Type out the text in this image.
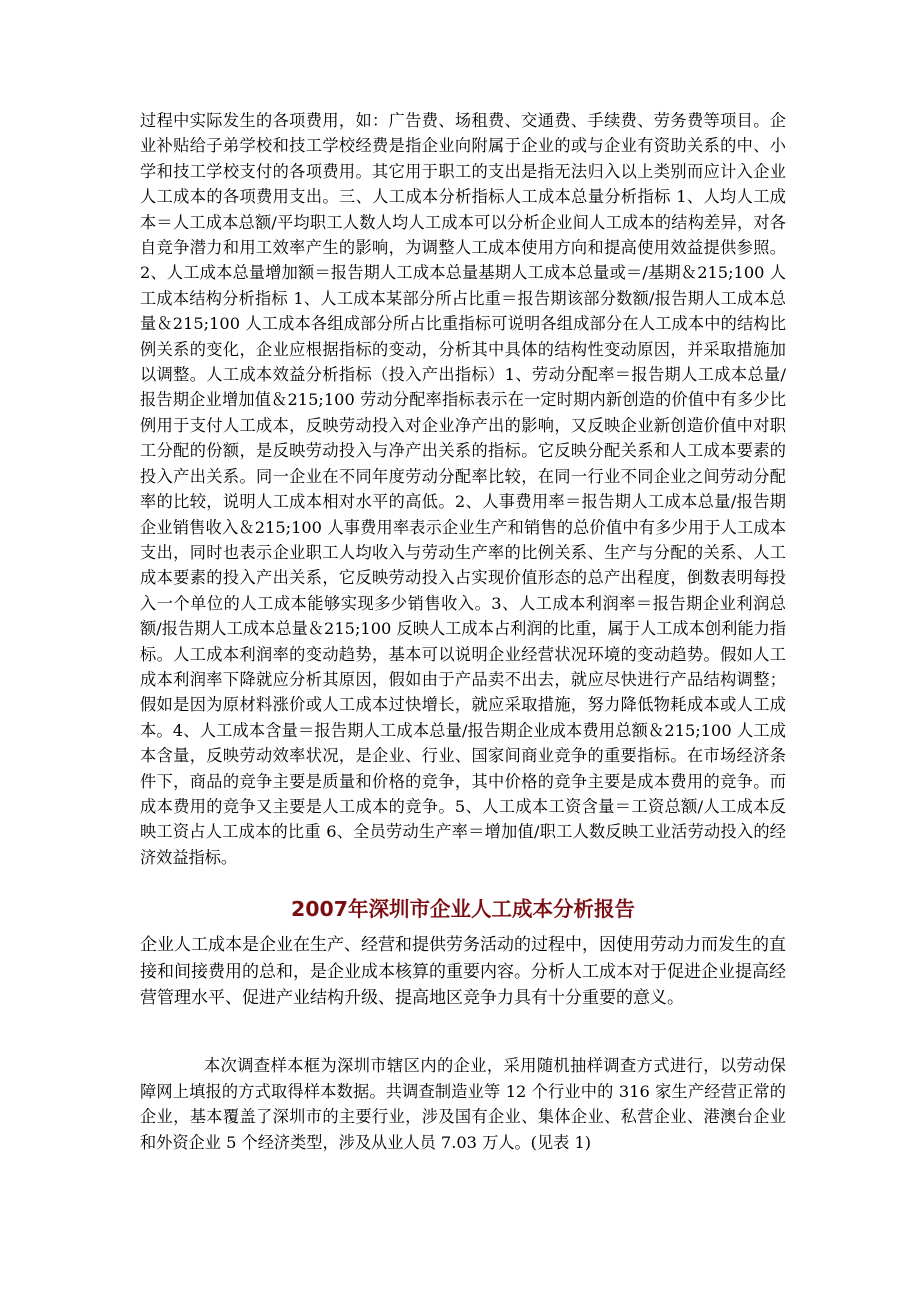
过程中实际发生的各项费用，如：广告费、场租费、交通费、手续费、劳务费等项目。企业补贴给子弟学校和技工学校经费是指企业向附属于企业的或与企业有资助关系的中、小学和技工学校支付的各项费用。其它用于职工的支出是指无法归入以上类别而应计入企业人工成本的各项费用支出。三、人工成本分析指标人工成本总量分析指标 1、人均人工成本＝人工成本总额/平均职工人数人均人工成本可以分析企业间人工成本的结构差异，对各自竞争潜力和用工效率产生的影响，为调整人工成本使用方向和提高使用效益提供参照。2、人工成本总量增加额＝报告期人工成本总量基期人工成本总量或＝/基期＆215;100 人工成本结构分析指标 1、人工成本某部分所占比重＝报告期该部分数额/报告期人工成本总量＆215;100 人工成本各组成部分所占比重指标可说明各组成部分在人工成本中的结构比例关系的变化，企业应根据指标的变动，分析其中具体的结构性变动原因，并采取措施加以调整。人工成本效益分析指标（投入产出指标）1、劳动分配率＝报告期人工成本总量/报告期企业增加值＆215;100 劳动分配率指标表示在一定时期内新创造的价值中有多少比例用于支付人工成本，反映劳动投入对企业净产出的影响，又反映企业新创造价值中对职工分配的份额，是反映劳动投入与净产出关系的指标。它反映分配关系和人工成本要素的投入产出关系。同一企业在不同年度劳动分配率比较，在同一行业不同企业之间劳动分配率的比较，说明人工成本相对水平的高低。2、人事费用率＝报告期人工成本总量/报告期企业销售收入＆215;100 人事费用率表示企业生产和销售的总价值中有多少用于人工成本支出，同时也表示企业职工人均收入与劳动生产率的比例关系、生产与分配的关系、人工成本要素的投入产出关系，它反映劳动投入占实现价值形态的总产出程度，倒数表明每投入一个单位的人工成本能够实现多少销售收入。3、人工成本利润率＝报告期企业利润总额/报告期人工成本总量＆215;100 反映人工成本占利润的比重，属于人工成本创利能力指标。人工成本利润率的变动趋势，基本可以说明企业经营状况环境的变动趋势。假如人工成本利润率下降就应分析其原因，假如由于产品卖不出去，就应尽快进行产品结构调整；假如是因为原材料涨价或人工成本过快增长，就应采取措施，努力降低物耗成本或人工成本。4、人工成本含量＝报告期人工成本总量/报告期企业成本费用总额＆215;100 人工成本含量，反映劳动效率状况，是企业、行业、国家间商业竞争的重要指标。在市场经济条件下，商品的竞争主要是质量和价格的竞争，其中价格的竞争主要是成本费用的竞争。而成本费用的竞争又主要是人工成本的竞争。5、人工成本工资含量＝工资总额/人工成本反映工资占人工成本的比重 6、全员劳动生产率＝增加值/职工人数反映工业活劳动投入的经济效益指标。

2007年深圳市企业人工成本分析报告

企业人工成本是企业在生产、经营和提供劳务活动的过程中，因使用劳动力而发生的直接和间接费用的总和，是企业成本核算的重要内容。分析人工成本对于促进企业提高经营管理水平、促进产业结构升级、提高地区竞争力具有十分重要的意义。

本次调查样本框为深圳市辖区内的企业，采用随机抽样调查方式进行，以劳动保障网上填报的方式取得样本数据。共调查制造业等 12 个行业中的 316 家生产经营正常的企业，基本覆盖了深圳市的主要行业，涉及国有企业、集体企业、私营企业、港澳台企业和外资企业 5 个经济类型，涉及从业人员 7.03 万人。(见表 1)
